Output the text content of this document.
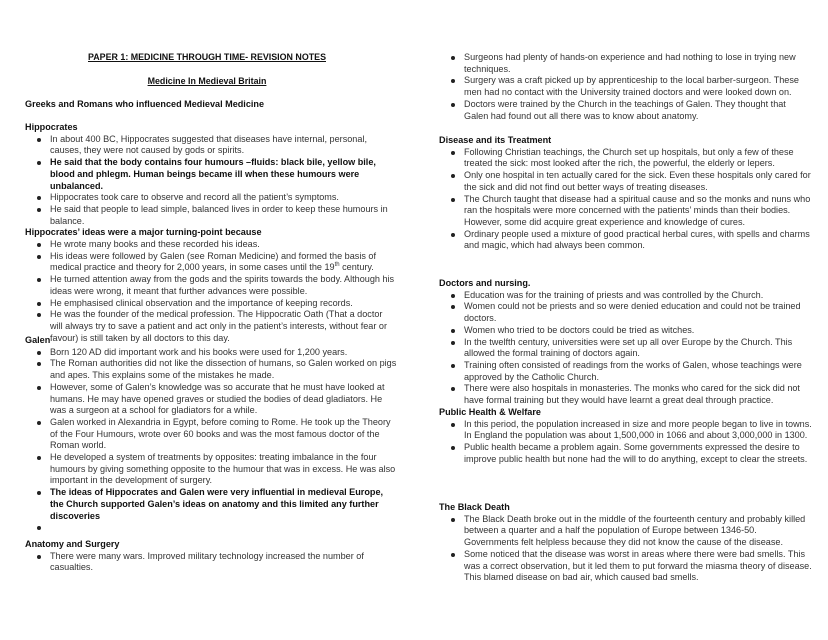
PAPER 1: MEDICINE THROUGH TIME- REVISION NOTES
Medicine In Medieval Britain
Greeks and Romans who influenced Medieval Medicine
Hippocrates
In about 400 BC, Hippocrates suggested that diseases have internal, personal, causes, they were not caused by gods or spirits.
He said that the body contains four humours –fluids: black bile, yellow bile, blood and phlegm. Human beings became ill when these humours were unbalanced.
Hippocrates took care to observe and record all the patient’s symptoms.
He said that people to lead simple, balanced lives in order to keep these humours in balance.
Hippocrates’ ideas were a major turning-point because
He wrote many books and these recorded his ideas.
His ideas were followed by Galen (see Roman Medicine) and formed the basis of medical practice and theory for 2,000 years, in some cases until the 19th century.
He turned attention away from the gods and the spirits towards the body. Although his ideas were wrong, it meant that further advances were possible.
He emphasised clinical observation and the importance of keeping records.
He was the founder of the medical profession. The Hippocratic Oath (That a doctor will always try to save a patient and act only in the patient’s interests, without fear or favour) is still taken by all doctors to this day.
Galen
Born 120 AD did important work and his books were used for 1,200 years.
The Roman authorities did not like the dissection of humans, so Galen worked on pigs and apes. This explains some of the mistakes he made.
However, some of Galen’s knowledge was so accurate that he must have looked at humans. He may have opened graves or studied the bodies of dead gladiators. He was a surgeon at a school for gladiators for a while.
Galen worked in Alexandria in Egypt, before coming to Rome. He took up the Theory of the Four Humours, wrote over 60 books and was the most famous doctor of the Roman world.
He developed a system of treatments by opposites: treating imbalance in the four humours by giving something opposite to the humour that was in excess. He was also important in the development of surgery.
The ideas of Hippocrates and Galen were very influential in medieval Europe, the Church supported Galen’s ideas on anatomy and this limited any further discoveries

Anatomy and Surgery
There were many wars. Improved military technology increased the number of casualties.
Surgeons had plenty of hands-on experience and had nothing to lose in trying new techniques.
Surgery was a craft picked up by apprenticeship to the local barber-surgeon. These men had no contact with the University trained doctors and were looked down on.
Doctors were trained by the Church in the teachings of Galen. They thought that Galen had found out all there was to know about anatomy.
Disease and its Treatment
Following Christian teachings, the Church set up hospitals, but only a few of these treated the sick: most looked after the rich, the powerful, the elderly or lepers.
Only one hospital in ten actually cared for the sick. Even these hospitals only cared for the sick and did not find out better ways of treating diseases.
The Church taught that disease had a spiritual cause and so the monks and nuns who ran the hospitals were more concerned with the patients’ minds than their bodies. However, some did acquire great experience and knowledge of cures.
Ordinary people used a mixture of good practical herbal cures, with spells and charms and magic, which had always been common.
Doctors and nursing.
Education was for the training of priests and was controlled by the Church.
Women could not be priests and so were denied education and could not be trained doctors.
Women who tried to be doctors could be tried as witches.
In the twelfth century, universities were set up all over Europe by the Church. This allowed the formal training of doctors again.
Training often consisted of readings from the works of Galen, whose teachings were approved by the Catholic Church.
There were also hospitals in monasteries. The monks who cared for the sick did not have formal training but they would have learnt a great deal through practice.
Public Health & Welfare
In this period, the population increased in size and more people began to live in towns. In England the population was about 1,500,000 in 1066 and about 3,000,000 in 1300.
Public health became a problem again. Some governments expressed the desire to improve public health but none had the will to do anything, except to clear the streets.
The Black Death
The Black Death broke out in the middle of the fourteenth century and probably killed between a quarter and a half the population of Europe between 1346-50. Governments felt helpless because they did not know the cause of the disease.
Some noticed that the disease was worst in areas where there were bad smells. This was a correct observation, but it led them to put forward the miasma theory of disease. This blamed disease on bad air, which caused bad smells.
